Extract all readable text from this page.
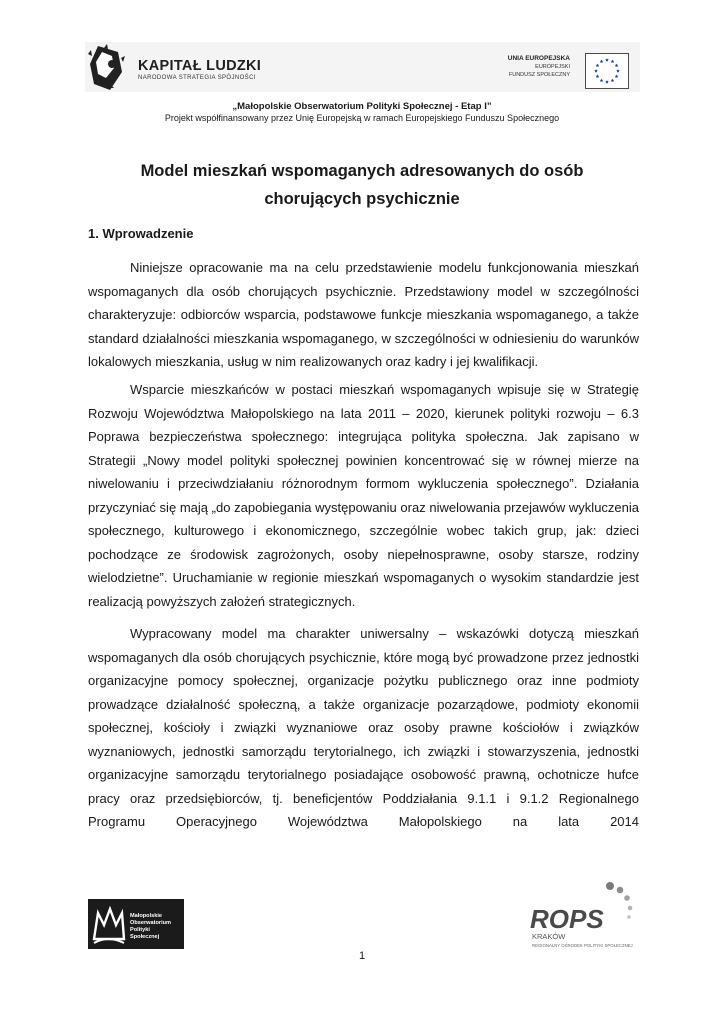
KAPITAŁ LUDZKI
NARODOWA STRATEGIA SPÓJNOŚCI
UNIA EUROPEJSKA
EUROPEJSKI
FUNDUSZ SPOŁECZNY
„Małopolskie Obserwatorium Polityki Społecznej - Etap I”
Projekt współfinansowany przez Unię Europejską w ramach Europejskiego Funduszu Społecznego
Model mieszkań wspomaganych adresowanych do osób
chorujących psychicznie
1. Wprowadzenie

Niniejsze opracowanie ma na celu przedstawienie modelu funkcjonowania mieszkań wspomaganych dla osób chorujących psychicznie. Przedstawiony model w szczególności charakteryzuje: odbiorców wsparcia, podstawowe funkcje mieszkania wspomaganego, a także standard działalności mieszkania wspomaganego, w szczególności w odniesieniu do warunków lokalowych mieszkania, usług w nim realizowanych oraz kadry i jej kwalifikacji.

Wsparcie mieszkańców w postaci mieszkań wspomaganych wpisuje się w Strategię Rozwoju Województwa Małopolskiego na lata 2011 – 2020, kierunek polityki rozwoju – 6.3 Poprawa bezpieczeństwa społecznego: integrująca polityka społeczna. Jak zapisano w Strategii „Nowy model polityki społecznej powinien koncentrować się w równej mierze na niwelowaniu i przeciwdziałaniu różnorodnym formom wykluczenia społecznego”. Działania przyczyniać się mają „do zapobiegania występowaniu oraz niwelowania przejawów wykluczenia społecznego, kulturowego i ekonomicznego, szczególnie wobec takich grup, jak: dzieci pochodzące ze środowisk zagrożonych, osoby niepełnosprawne, osoby starsze, rodziny wielodzietne”. Uruchamianie w regionie mieszkań wspomaganych o wysokim standardzie jest realizacją powyższych założeń strategicznych.

Wypracowany model ma charakter uniwersalny – wskazówki dotyczą mieszkań wspomaganych dla osób chorujących psychicznie, które mogą być prowadzone przez jednostki organizacyjne pomocy społecznej, organizacje pożytku publicznego oraz inne podmioty prowadzące działalność społeczną, a także organizacje pozarządowe, podmioty ekonomii społecznej, kościoły i związki wyznaniowe oraz osoby prawne kościołów i związków wyznaniowych, jednostki samorządu terytorialnego, ich związki i stowarzyszenia, jednostki organizacyjne samorządu terytorialnego posiadające osobowość prawną, ochotnicze hufce pracy oraz przedsiębiorców, tj. beneficjentów Poddziałania 9.1.1 i 9.1.2 Regionalnego Programu Operacyjnego Województwa Małopolskiego na lata 2014

Małopolskie
Obserwatorium
Polityki
Społecznej
ROPS
KRAKÓW
REGIONALNY OŚRODEK POLITYKI SPOŁECZNEJ
1
